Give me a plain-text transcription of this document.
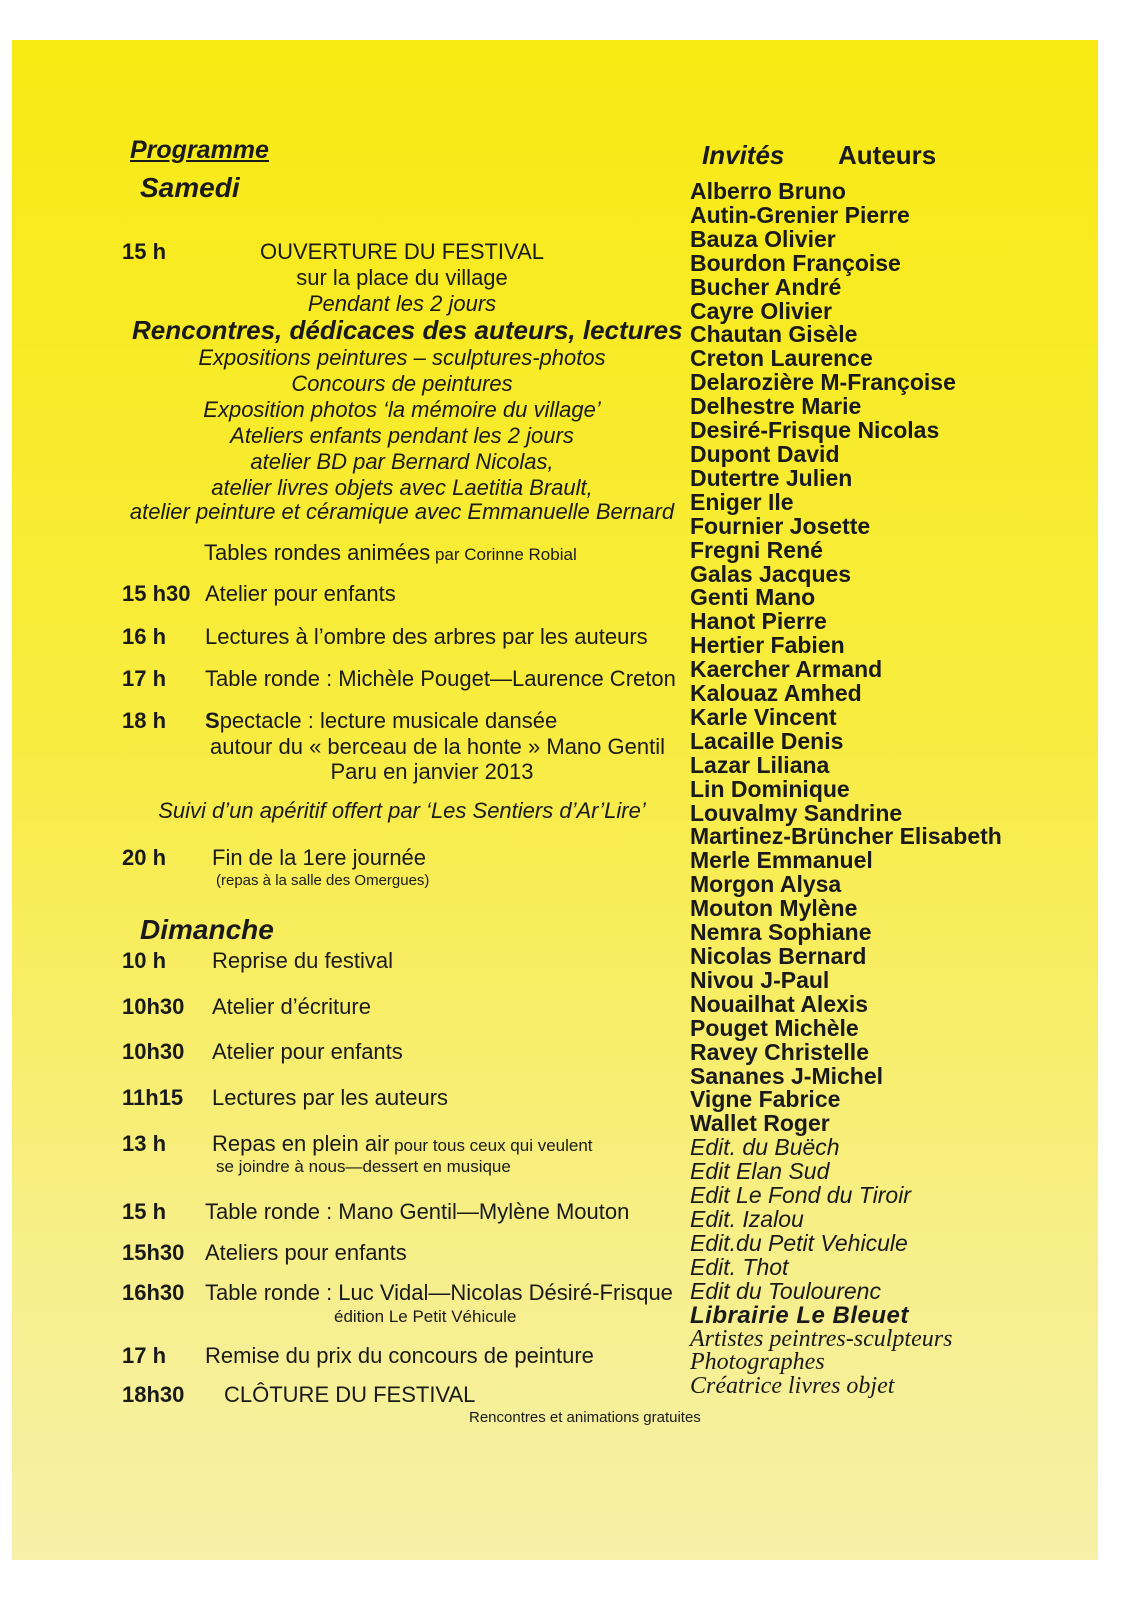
Programme
Samedi
15 h	OUVERTURE DU FESTIVAL
sur la place du village
Pendant les 2 jours
Rencontres, dédicaces des auteurs, lectures
Expositions peintures – sculptures-photos
Concours de peintures
Exposition photos ‘la mémoire du village’
Ateliers enfants pendant les 2 jours
atelier BD par Bernard Nicolas,
atelier livres objets avec Laetitia Brault,
atelier peinture et céramique avec Emmanuelle Bernard
Tables rondes animées par Corinne Robial
15 h30 Atelier pour enfants
16 h Lectures à l’ombre des arbres par les auteurs
17 h Table ronde : Michèle Pouget—Laurence Creton
18 h Spectacle : lecture musicale dansée
autour du « berceau de la honte » Mano Gentil
Paru en janvier 2013
Suivi d’un apéritif offert par ‘Les Sentiers d’Ar’Lire’
20 h Fin de la 1ere journée
(repas à la salle des Omergues)
Dimanche
10 h Reprise du festival
10h30 Atelier d’écriture
10h30 Atelier pour enfants
11h15 Lectures par les auteurs
13 h Repas en plein air pour tous ceux qui veulent
se joindre à nous—dessert en musique
15 h Table ronde : Mano Gentil—Mylène Mouton
15h30 Ateliers pour enfants
16h30 Table ronde : Luc Vidal—Nicolas Désiré-Frisque
édition Le Petit Véhicule
17 h Remise du prix du concours de peinture
18h30 CLÔTURE DU FESTIVAL
Rencontres et animations gratuites
Invités Auteurs
Alberro Bruno
Autin-Grenier Pierre
Bauza Olivier
Bourdon Françoise
Bucher André
Cayre Olivier
Chautan Gisèle
Creton Laurence
Delarozière M-Françoise
Delhestre Marie
Desiré-Frisque Nicolas
Dupont David
Dutertre Julien
Eniger Ile
Fournier Josette
Fregni René
Galas Jacques
Genti Mano
Hanot Pierre
Hertier Fabien
Kaercher Armand
Kalouaz Amhed
Karle Vincent
Lacaille Denis
Lazar Liliana
Lin Dominique
Louvalmy Sandrine
Martinez-Brüncher Elisabeth
Merle Emmanuel
Morgon Alysa
Mouton Mylène
Nemra Sophiane
Nicolas Bernard
Nivou J-Paul
Nouailhat Alexis
Pouget Michèle
Ravey Christelle
Sananes J-Michel
Vigne Fabrice
Wallet Roger
Edit. du Buëch
Edit Elan Sud
Edit Le Fond du Tiroir
Edit. Izalou
Edit.du Petit Vehicule
Edit. Thot
Edit du Toulourenc
Librairie Le Bleuet
Artistes peintres-sculpteurs
Photographes
Créatrice livres objet
